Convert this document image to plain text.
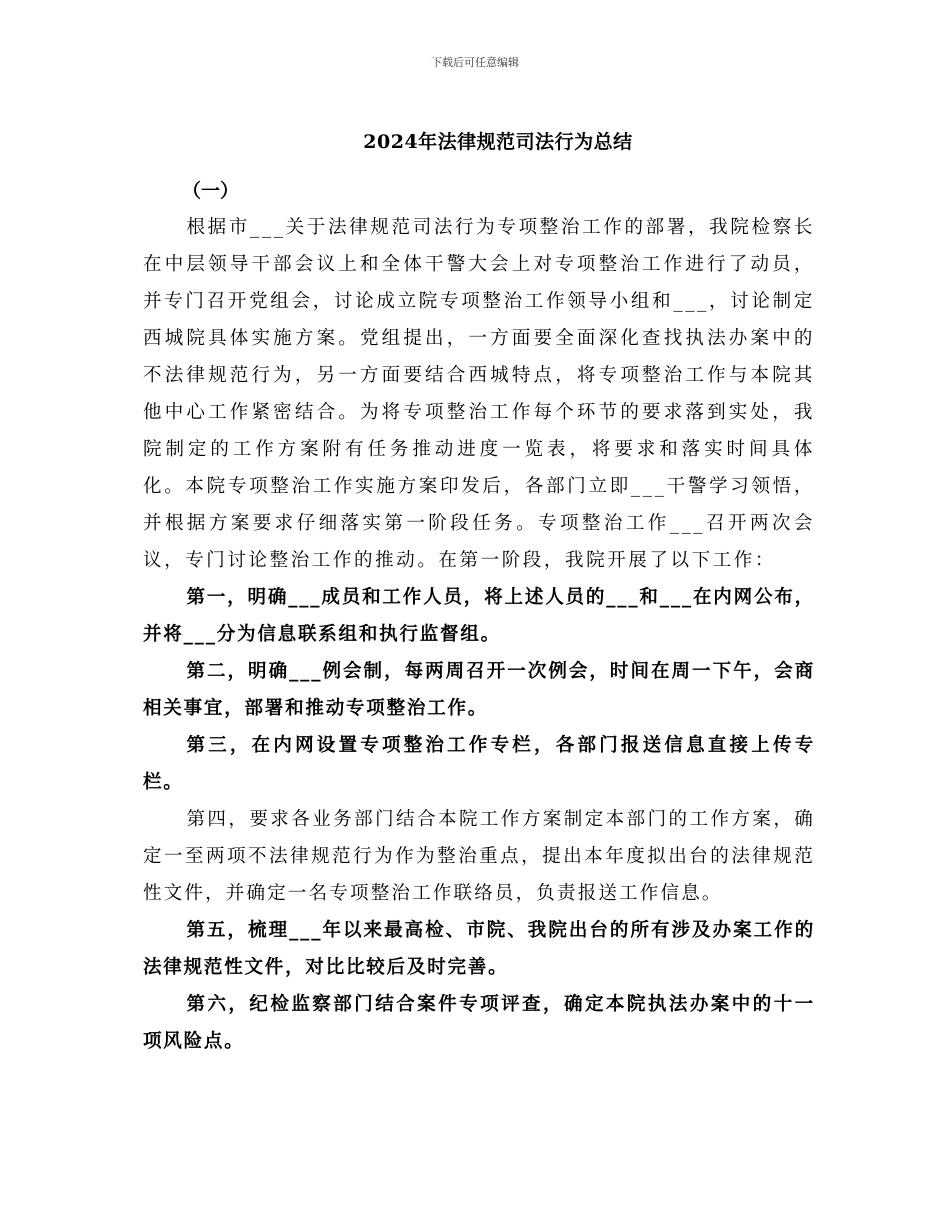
下载后可任意编辑
2024年法律规范司法行为总结
（一）

根据市___关于法律规范司法行为专项整治工作的部署，我院检察长在中层领导干部会议上和全体干警大会上对专项整治工作进行了动员，并专门召开党组会，讨论成立院专项整治工作领导小组和___，讨论制定西城院具体实施方案。党组提出，一方面要全面深化查找执法办案中的不法律规范行为，另一方面要结合西城特点，将专项整治工作与本院其他中心工作紧密结合。为将专项整治工作每个环节的要求落到实处，我院制定的工作方案附有任务推动进度一览表，将要求和落实时间具体化。本院专项整治工作实施方案印发后，各部门立即___干警学习领悟，并根据方案要求仔细落实第一阶段任务。专项整治工作___召开两次会议，专门讨论整治工作的推动。在第一阶段，我院开展了以下工作：

第一，明确___成员和工作人员，将上述人员的___和___在内网公布，并将___分为信息联系组和执行监督组。

第二，明确___例会制，每两周召开一次例会，时间在周一下午，会商相关事宜，部署和推动专项整治工作。

第三，在内网设置专项整治工作专栏，各部门报送信息直接上传专栏。

第四，要求各业务部门结合本院工作方案制定本部门的工作方案，确定一至两项不法律规范行为作为整治重点，提出本年度拟出台的法律规范性文件，并确定一名专项整治工作联络员，负责报送工作信息。

第五，梳理___年以来最高检、市院、我院出台的所有涉及办案工作的法律规范性文件，对比比较后及时完善。

第六，纪检监察部门结合案件专项评查，确定本院执法办案中的十一项风险点。
